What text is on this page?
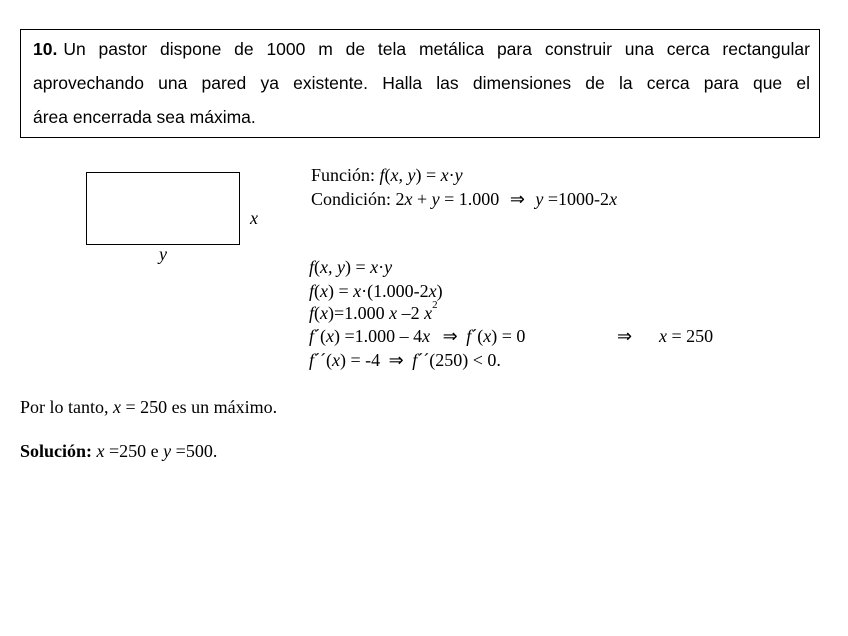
10. Un pastor dispone de 1000 m de tela metálica para construir una cerca rectangular
aprovechando una pared ya existente. Halla las dimensiones de la cerca para que el
área encerrada sea máxima.
x
y
Función: f(x, y) = x·y
Condición: 2x + y = 1.000 ⇒ y =1000-2x
f(x, y) = x·y
f(x) = x·(1.000-2x)
f(x)=1.000 x –2 $x^2$
f´(x) =1.000 – 4x ⇒ f´(x) = 0	⇒ x = 250
f´´(x) = -4 ⇒ f´´(250) < 0.
Por lo tanto, x = 250 es un máximo.
Solución: x =250 e y =500.
